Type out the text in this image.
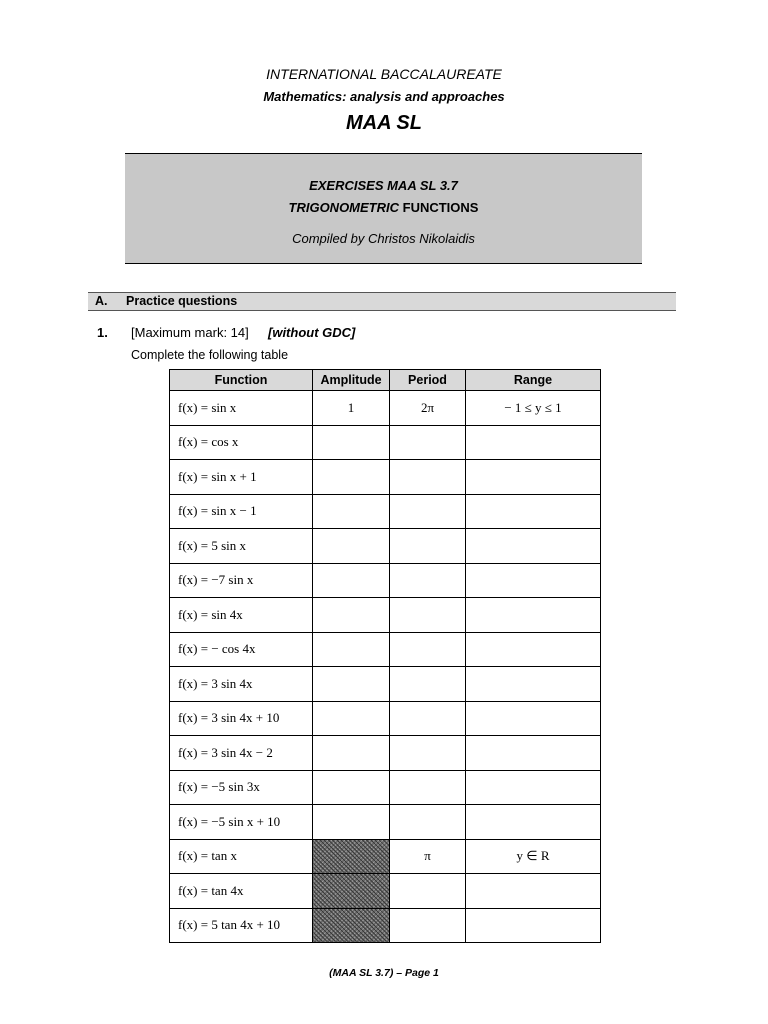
INTERNATIONAL BACCALAUREATE
Mathematics: analysis and approaches
MAA SL
EXERCISES MAA SL 3.7
TRIGONOMETRIC FUNCTIONS
Compiled by Christos Nikolaidis
A. Practice questions
1. [Maximum mark: 14] [without GDC]
Complete the following table
Function	Amplitude	Period	Range
f(x) = sin x	1	2π	− 1 ≤ y ≤ 1
f(x) = cos x			
f(x) = sin x + 1			
f(x) = sin x − 1			
f(x) = 5 sin x			
f(x) = −7 sin x			
f(x) = sin 4x			
f(x) = − cos 4x			
f(x) = 3 sin 4x			
f(x) = 3 sin 4x + 10			
f(x) = 3 sin 4x − 2			
f(x) = −5 sin 3x			
f(x) = −5 sin x + 10			
f(x) = tan x		π	y ∈ R
f(x) = tan 4x			
f(x) = 5 tan 4x + 10			
(MAA SL 3.7) – Page 1
